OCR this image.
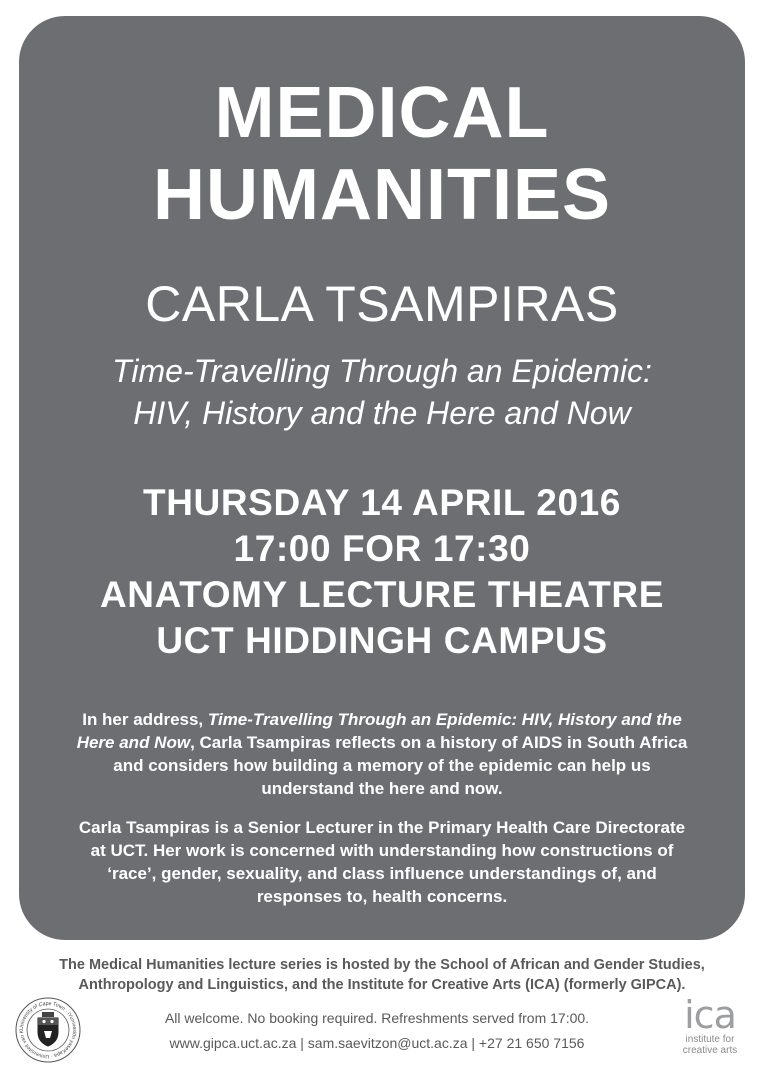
MEDICAL
HUMANITIES
CARLA TSAMPIRAS
Time-Travelling Through an Epidemic:
HIV, History and the Here and Now
THURSDAY 14 APRIL 2016
17:00 FOR 17:30
ANATOMY LECTURE THEATRE
UCT HIDDINGH CAMPUS

In her address, Time-Travelling Through an Epidemic: HIV, History and the Here and Now, Carla Tsampiras reflects on a history of AIDS in South Africa and considers how building a memory of the epidemic can help us understand the here and now.

Carla Tsampiras is a Senior Lecturer in the Primary Health Care Directorate at UCT. Her work is concerned with understanding how constructions of ‘race’, gender, sexuality, and class influence understandings of, and responses to, health concerns.

The Medical Humanities lecture series is hosted by the School of African and Gender Studies,
Anthropology and Linguistics, and the Institute for Creative Arts (ICA) (formerly GIPCA).
University of Cape Town · iYunivesithi yaseKapa · Universiteit van K
All welcome. No booking required. Refreshments served from 17:00.
www.gipca.uct.ac.za | sam.saevitzon@uct.ac.za | +27 21 650 7156
ica
institute for
creative arts
